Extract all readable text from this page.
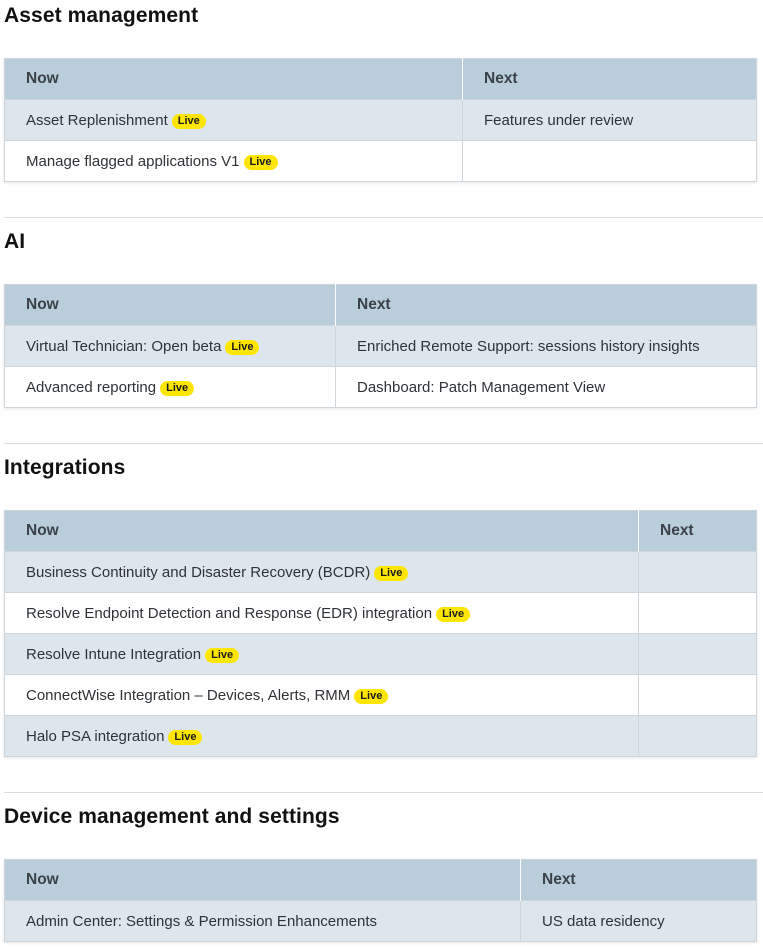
Asset management
Now	Next
Asset Replenishment Live	Features under review
Manage flagged applications V1 Live	
AI
Now	Next
Virtual Technician: Open beta Live	Enriched Remote Support: sessions history insights
Advanced reporting Live	Dashboard: Patch Management View
Integrations
Now	Next
Business Continuity and Disaster Recovery (BCDR) Live	
Resolve Endpoint Detection and Response (EDR) integration Live	
Resolve Intune Integration Live	
ConnectWise Integration – Devices, Alerts, RMM Live	
Halo PSA integration Live	
Device management and settings
Now	Next
Admin Center: Settings & Permission Enhancements	US data residency
